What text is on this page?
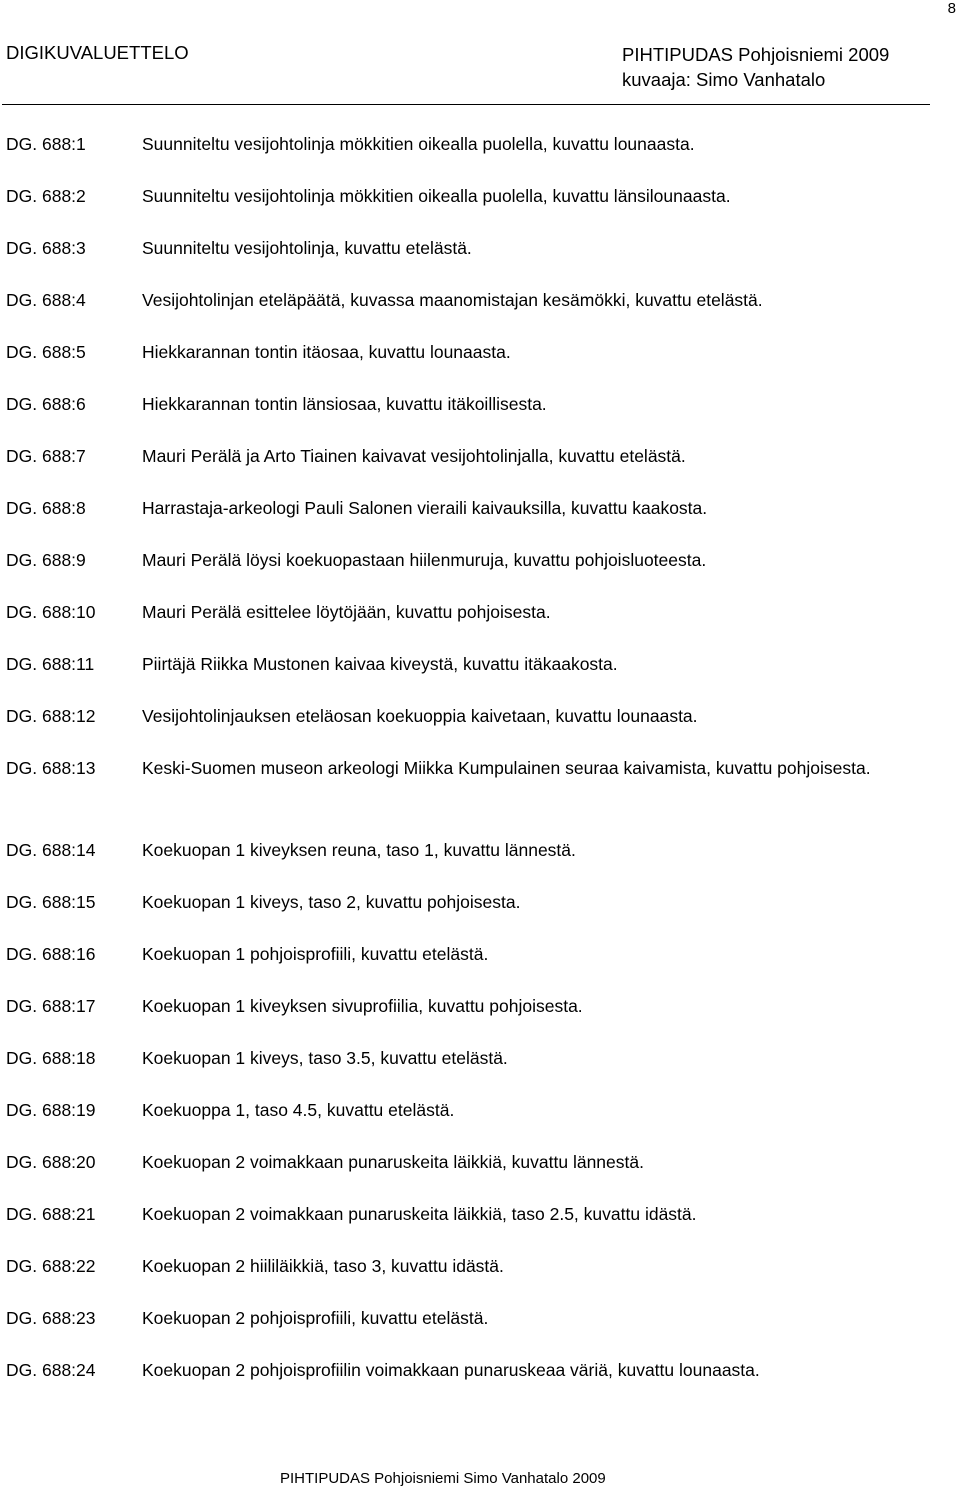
8
DIGIKUVALUETTELO	PIHTIPUDAS Pohjoisniemi 2009
kuvaaja: Simo Vanhatalo
DG. 688:1	Suunniteltu vesijohtolinja mökkitien oikealla puolella, kuvattu lounaasta.
DG. 688:2	Suunniteltu vesijohtolinja mökkitien oikealla puolella, kuvattu länsilounaasta.
DG. 688:3	Suunniteltu vesijohtolinja, kuvattu etelästä.
DG. 688:4	Vesijohtolinjan eteläpäätä, kuvassa maanomistajan kesämökki, kuvattu etelästä.
DG. 688:5	Hiekkarannan tontin itäosaa, kuvattu lounaasta.
DG. 688:6	Hiekkarannan tontin länsiosaa, kuvattu itäkoillisesta.
DG. 688:7	Mauri Perälä ja Arto Tiainen kaivavat vesijohtolinjalla, kuvattu etelästä.
DG. 688:8	Harrastaja-arkeologi Pauli Salonen vieraili kaivauksilla, kuvattu kaakosta.
DG. 688:9	Mauri Perälä löysi koekuopastaan hiilenmuruja, kuvattu pohjoisluoteesta.
DG. 688:10	Mauri Perälä esittelee löytöjään, kuvattu pohjoisesta.
DG. 688:11	Piirtäjä Riikka Mustonen kaivaa kiveystä, kuvattu itäkaakosta.
DG. 688:12	Vesijohtolinjauksen eteläosan koekuoppia kaivetaan, kuvattu lounaasta.
DG. 688:13	Keski-Suomen museon arkeologi Miikka Kumpulainen seuraa kaivamista, kuvattu pohjoisesta.
DG. 688:14	Koekuopan 1 kiveyksen reuna, taso 1, kuvattu lännestä.
DG. 688:15	Koekuopan 1 kiveys, taso 2, kuvattu pohjoisesta.
DG. 688:16	Koekuopan 1 pohjoisprofiili, kuvattu etelästä.
DG. 688:17	Koekuopan 1 kiveyksen sivuprofiilia, kuvattu pohjoisesta.
DG. 688:18	Koekuopan 1 kiveys, taso 3.5, kuvattu etelästä.
DG. 688:19	Koekuoppa 1, taso 4.5, kuvattu etelästä.
DG. 688:20	Koekuopan 2 voimakkaan punaruskeita läikkiä, kuvattu lännestä.
DG. 688:21	Koekuopan 2 voimakkaan punaruskeita läikkiä, taso 2.5, kuvattu idästä.
DG. 688:22	Koekuopan 2 hiililäikkiä, taso 3, kuvattu idästä.
DG. 688:23	Koekuopan 2 pohjoisprofiili, kuvattu etelästä.
DG. 688:24	Koekuopan 2 pohjoisprofiilin voimakkaan punaruskeaa väriä, kuvattu lounaasta.
PIHTIPUDAS Pohjoisniemi Simo Vanhatalo 2009
